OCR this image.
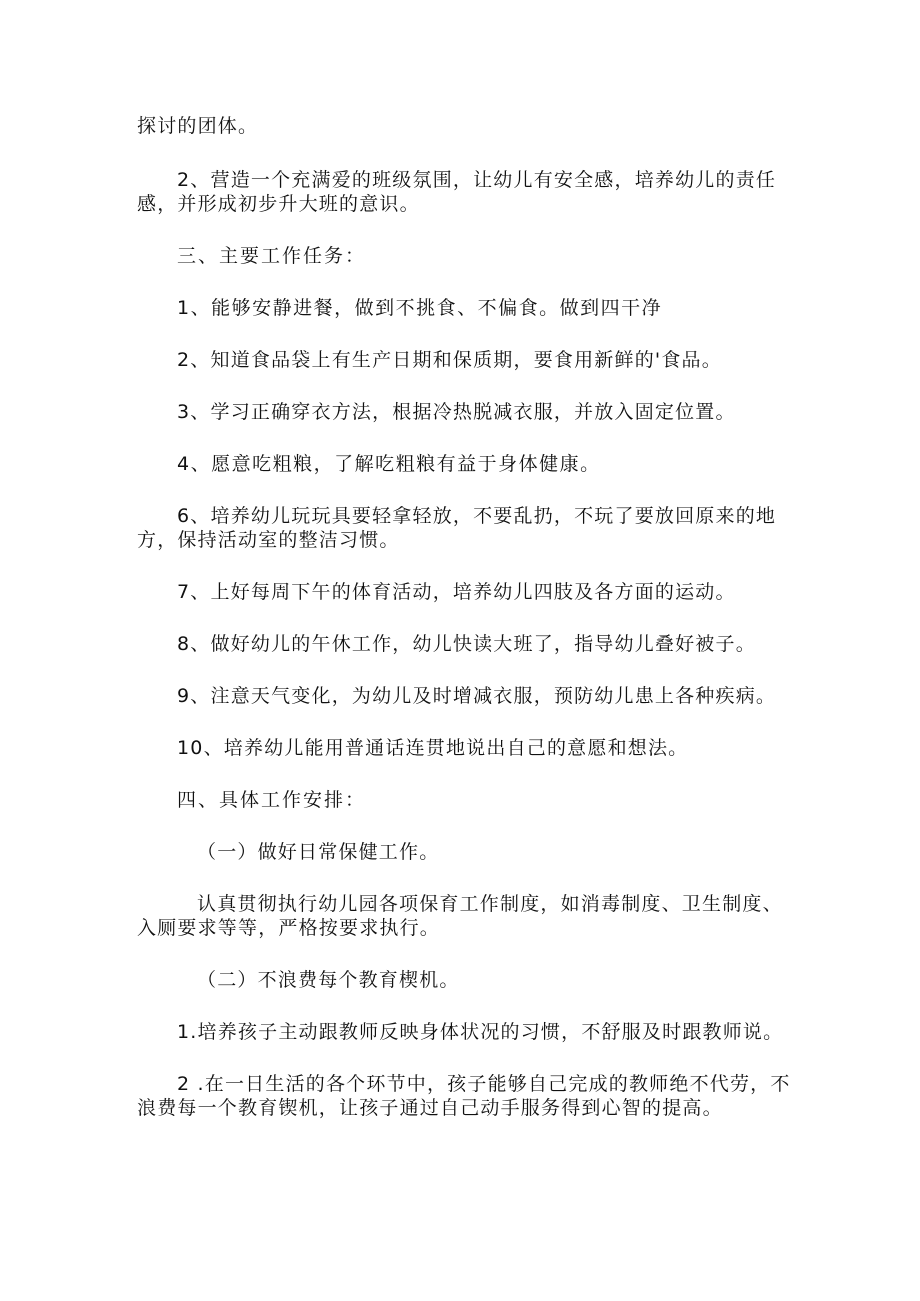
探讨的团体。

2、营造一个充满爱的班级氛围，让幼儿有安全感，培养幼儿的责任感，并形成初步升大班的意识。

三、主要工作任务：

1、能够安静进餐，做到不挑食、不偏食。做到四干净

2、知道食品袋上有生产日期和保质期，要食用新鲜的'食品。

3、学习正确穿衣方法，根据冷热脱减衣服，并放入固定位置。

4、愿意吃粗粮，了解吃粗粮有益于身体健康。

6、培养幼儿玩玩具要轻拿轻放，不要乱扔，不玩了要放回原来的地方，保持活动室的整洁习惯。

7、上好每周下午的体育活动，培养幼儿四肢及各方面的运动。

8、做好幼儿的午休工作，幼儿快读大班了，指导幼儿叠好被子。

9、注意天气变化，为幼儿及时增减衣服，预防幼儿患上各种疾病。

10、培养幼儿能用普通话连贯地说出自己的意愿和想法。

四、具体工作安排：

（一）做好日常保健工作。

认真贯彻执行幼儿园各项保育工作制度，如消毒制度、卫生制度、入厕要求等等，严格按要求执行。

（二）不浪费每个教育楔机。

1.培养孩子主动跟教师反映身体状况的习惯，不舒服及时跟教师说。

2 .在一日生活的各个环节中，孩子能够自己完成的教师绝不代劳，不浪费每一个教育锲机，让孩子通过自己动手服务得到心智的提高。
